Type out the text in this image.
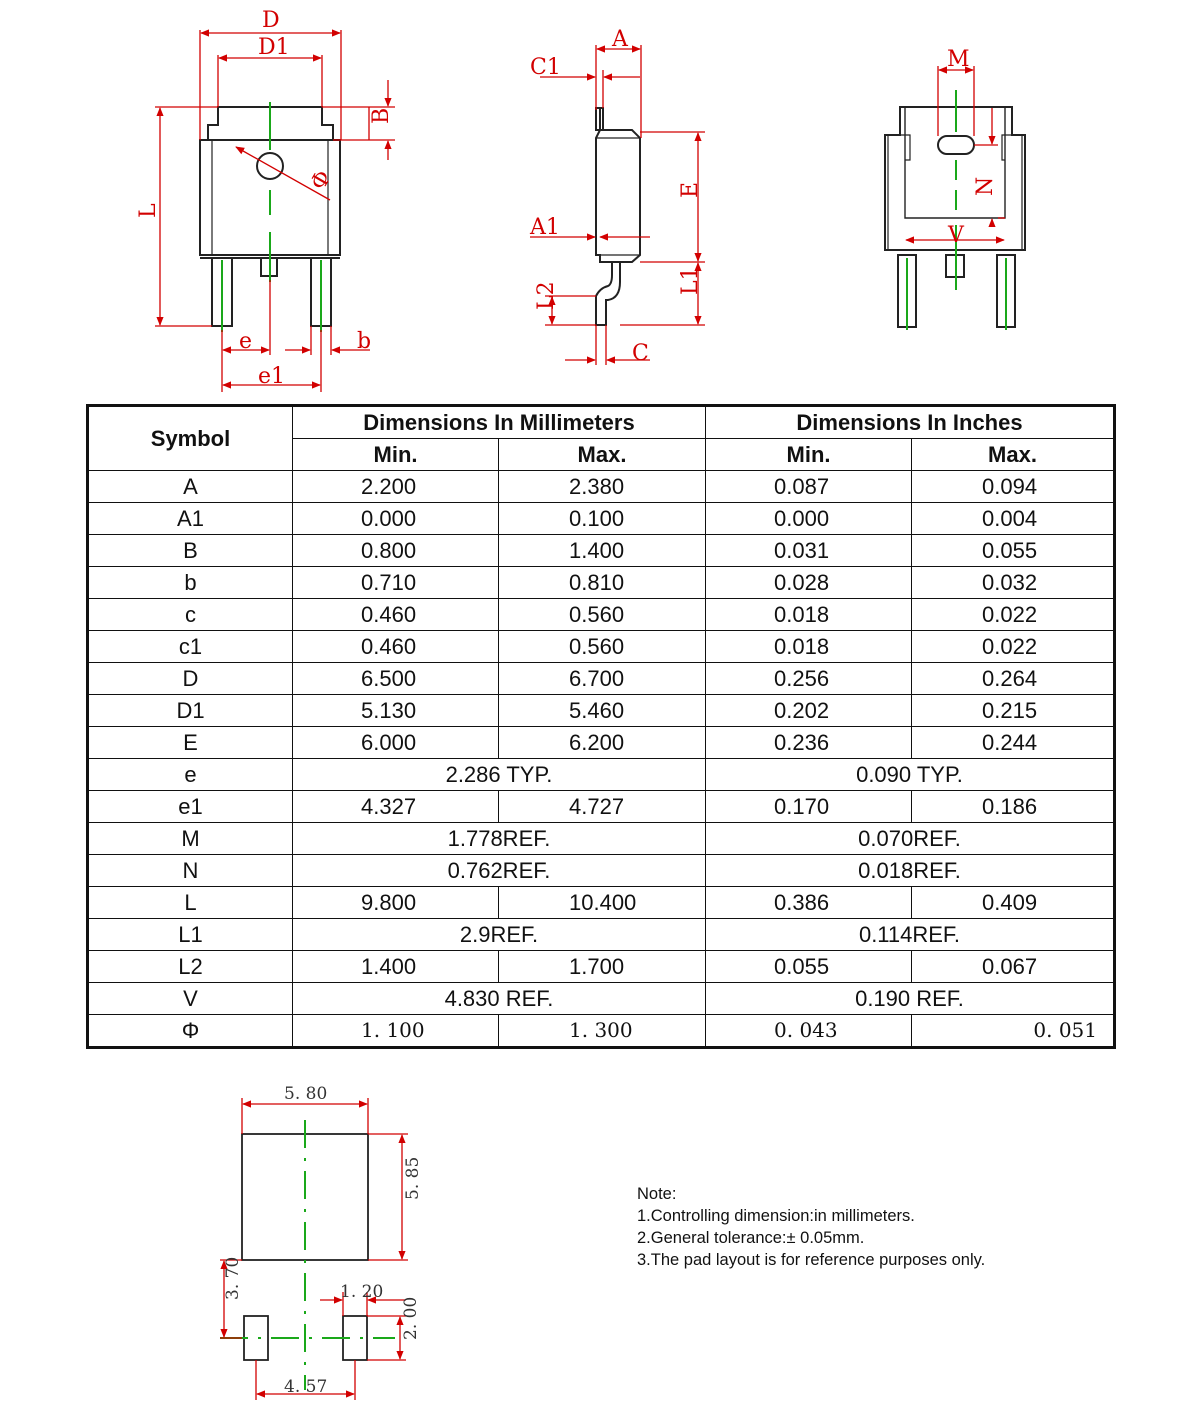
D
D1
B
L
Φ
e
e1
b
A
C1
A1
E
L1
L2
C
M
N
V
Symbol	Dimensions In Millimeters		Dimensions In Inches	
	Min.	Max.	Min.	Max.
A	2.200	2.380	0.087	0.094
A1	0.000	0.100	0.000	0.004
B	0.800	1.400	0.031	0.055
b	0.710	0.810	0.028	0.032
c	0.460	0.560	0.018	0.022
c1	0.460	0.560	0.018	0.022
D	6.500	6.700	0.256	0.264
D1	5.130	5.460	0.202	0.215
E	6.000	6.200	0.236	0.244
e	2.286 TYP.		0.090 TYP.	
e1	4.327	4.727	0.170	0.186
M	1.778REF.		0.070REF.	
N	0.762REF.		0.018REF.	
L	9.800	10.400	0.386	0.409
L1	2.9REF.		0.114REF.	
L2	1.400	1.700	0.055	0.067
V	4.830 REF.		0.190 REF.	
Φ	1. 100	1. 300	0. 043	0. 051
5. 80
5. 85
3. 70	1. 20
2. 00
4. 57
Note:
1.Controlling dimension:in millimeters.
2.General tolerance:± 0.05mm.
3.The pad layout is for reference purposes only.
